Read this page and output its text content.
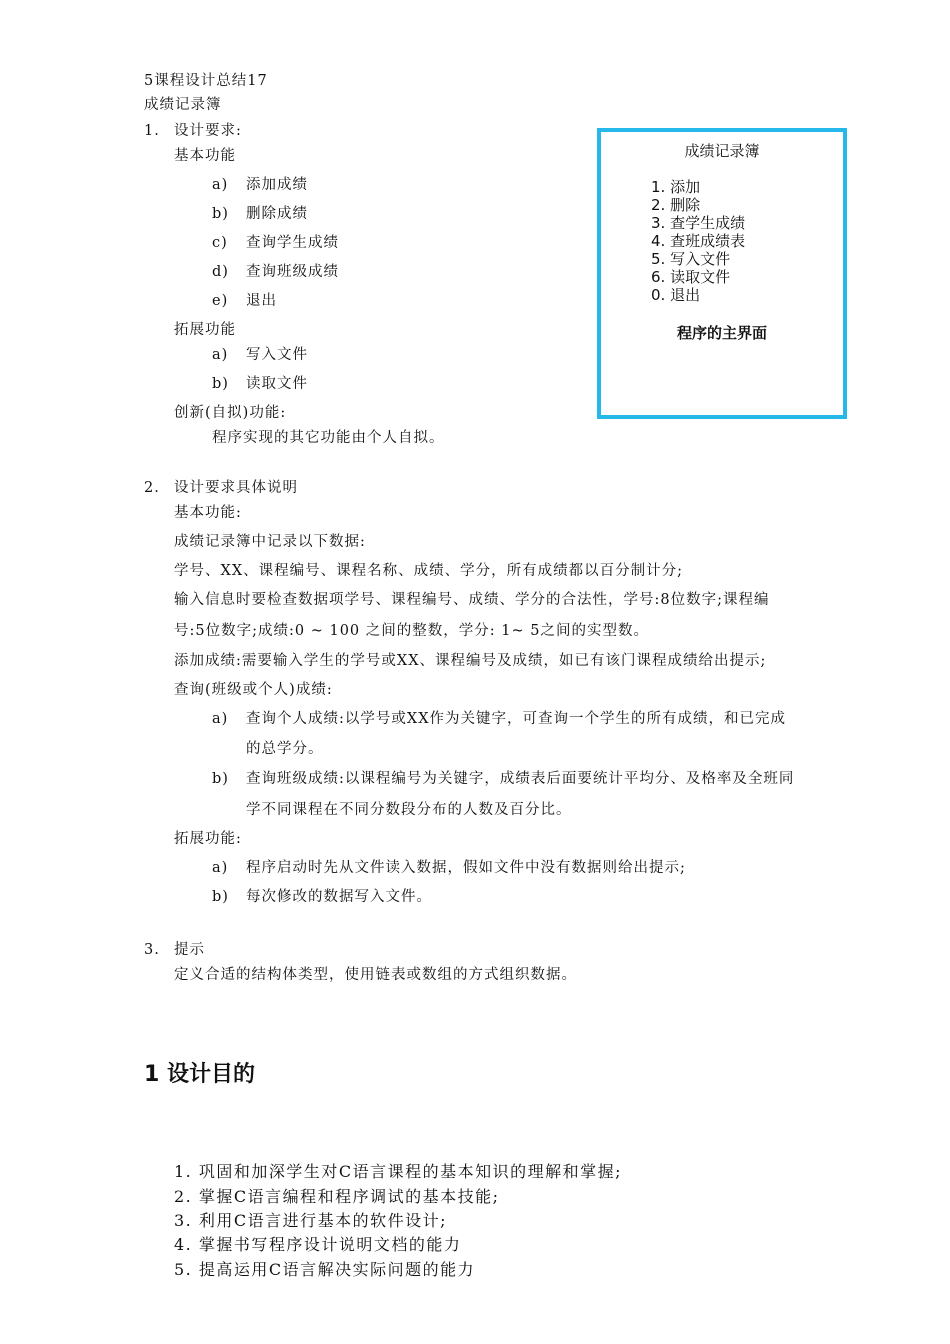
5课程设计总结17
成绩记录簿
1. 设计要求:
基本功能
a) 添加成绩
b) 删除成绩
c) 查询学生成绩
d) 查询班级成绩
e) 退出
拓展功能
a) 写入文件
b) 读取文件
创新(自拟)功能:
程序实现的其它功能由个人自拟。
成绩记录簿
1. 添加
2. 删除
3. 查学生成绩
4. 查班成绩表
5. 写入文件
6. 读取文件
0. 退出
程序的主界面
2. 设计要求具体说明
基本功能:
成绩记录簿中记录以下数据:
学号、XX、课程编号、课程名称、成绩、学分，所有成绩都以百分制计分;
输入信息时要检查数据项学号、课程编号、成绩、学分的合法性，学号:8位数字;课程编
号:5位数字;成绩:0 ~ 100 之间的整数，学分: 1~ 5之间的实型数。
添加成绩:需要输入学生的学号或XX、课程编号及成绩，如已有该门课程成绩给出提示;
查询(班级或个人)成绩:
a) 查询个人成绩:以学号或XX作为关键字，可查询一个学生的所有成绩，和已完成
的总学分。
b) 查询班级成绩:以课程编号为关键字，成绩表后面要统计平均分、及格率及全班同
学不同课程在不同分数段分布的人数及百分比。
拓展功能:
a) 程序启动时先从文件读入数据，假如文件中没有数据则给出提示;
b) 每次修改的数据写入文件。
3. 提示
定义合适的结构体类型，使用链表或数组的方式组织数据。
1 设计目的
1. 巩固和加深学生对C语言课程的基本知识的理解和掌握;
2. 掌握C语言编程和程序调试的基本技能;
3. 利用C语言进行基本的软件设计;
4. 掌握书写程序设计说明文档的能力
5. 提高运用C语言解决实际问题的能力
